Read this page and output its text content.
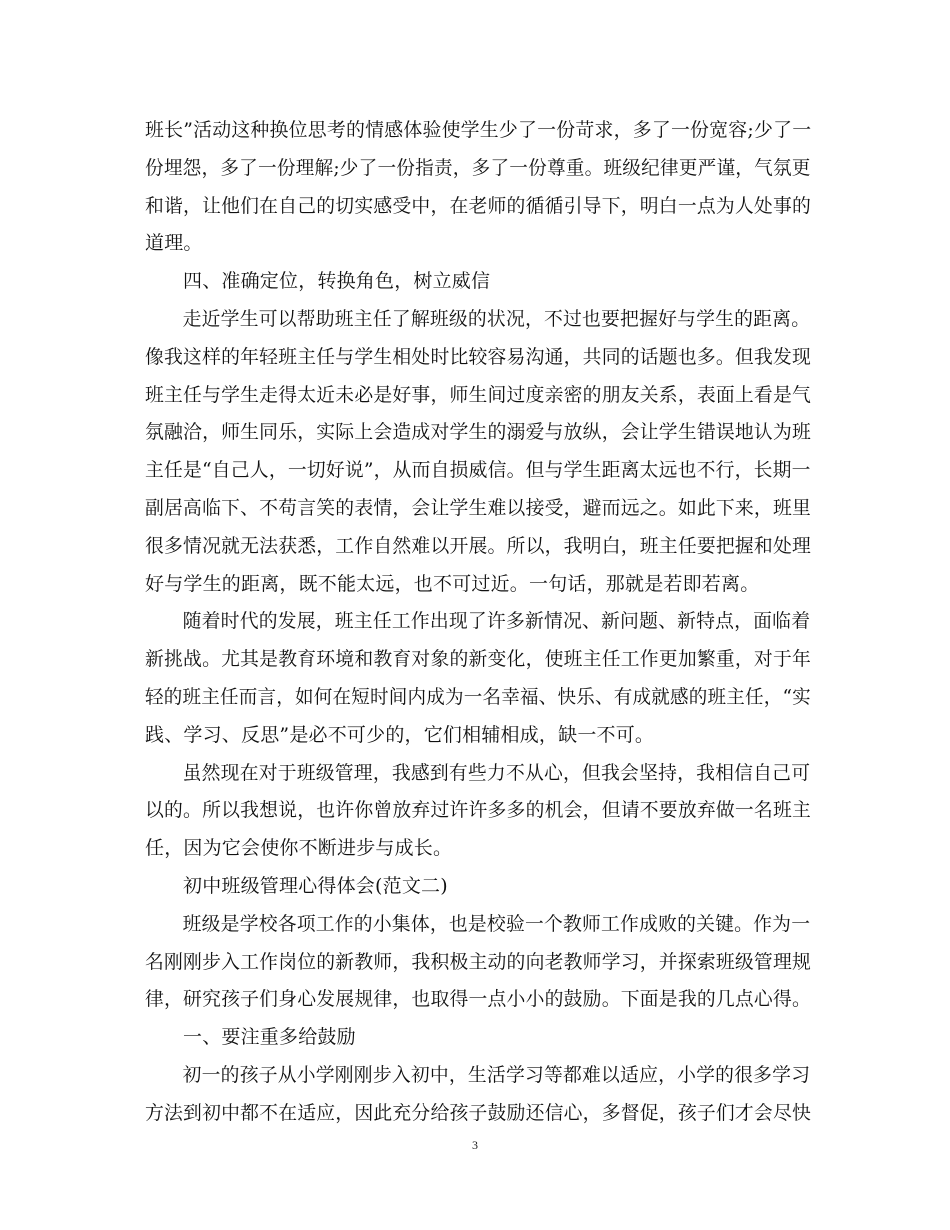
班长”活动这种换位思考的情感体验使学生少了一份苛求，多了一份宽容;少了一
份埋怨，多了一份理解;少了一份指责，多了一份尊重。班级纪律更严谨，气氛更
和谐，让他们在自己的切实感受中，在老师的循循引导下，明白一点为人处事的
道理。
四、准确定位，转换角色，树立威信
走近学生可以帮助班主任了解班级的状况，不过也要把握好与学生的距离。
像我这样的年轻班主任与学生相处时比较容易沟通，共同的话题也多。但我发现
班主任与学生走得太近未必是好事，师生间过度亲密的朋友关系，表面上看是气
氛融洽，师生同乐，实际上会造成对学生的溺爱与放纵，会让学生错误地认为班
主任是“自己人，一切好说”，从而自损威信。但与学生距离太远也不行，长期一
副居高临下、不苟言笑的表情，会让学生难以接受，避而远之。如此下来，班里
很多情况就无法获悉，工作自然难以开展。所以，我明白，班主任要把握和处理
好与学生的距离，既不能太远，也不可过近。一句话，那就是若即若离。
随着时代的发展，班主任工作出现了许多新情况、新问题、新特点，面临着
新挑战。尤其是教育环境和教育对象的新变化，使班主任工作更加繁重，对于年
轻的班主任而言，如何在短时间内成为一名幸福、快乐、有成就感的班主任，“实
践、学习、反思”是必不可少的，它们相辅相成，缺一不可。
虽然现在对于班级管理，我感到有些力不从心，但我会坚持，我相信自己可
以的。所以我想说，也许你曾放弃过许许多多的机会，但请不要放弃做一名班主
任，因为它会使你不断进步与成长。
初中班级管理心得体会(范文二)
班级是学校各项工作的小集体，也是校验一个教师工作成败的关键。作为一
名刚刚步入工作岗位的新教师，我积极主动的向老教师学习，并探索班级管理规
律，研究孩子们身心发展规律，也取得一点小小的鼓励。下面是我的几点心得。
一、要注重多给鼓励
初一的孩子从小学刚刚步入初中，生活学习等都难以适应，小学的很多学习
方法到初中都不在适应，因此充分给孩子鼓励还信心，多督促，孩子们才会尽快
3
